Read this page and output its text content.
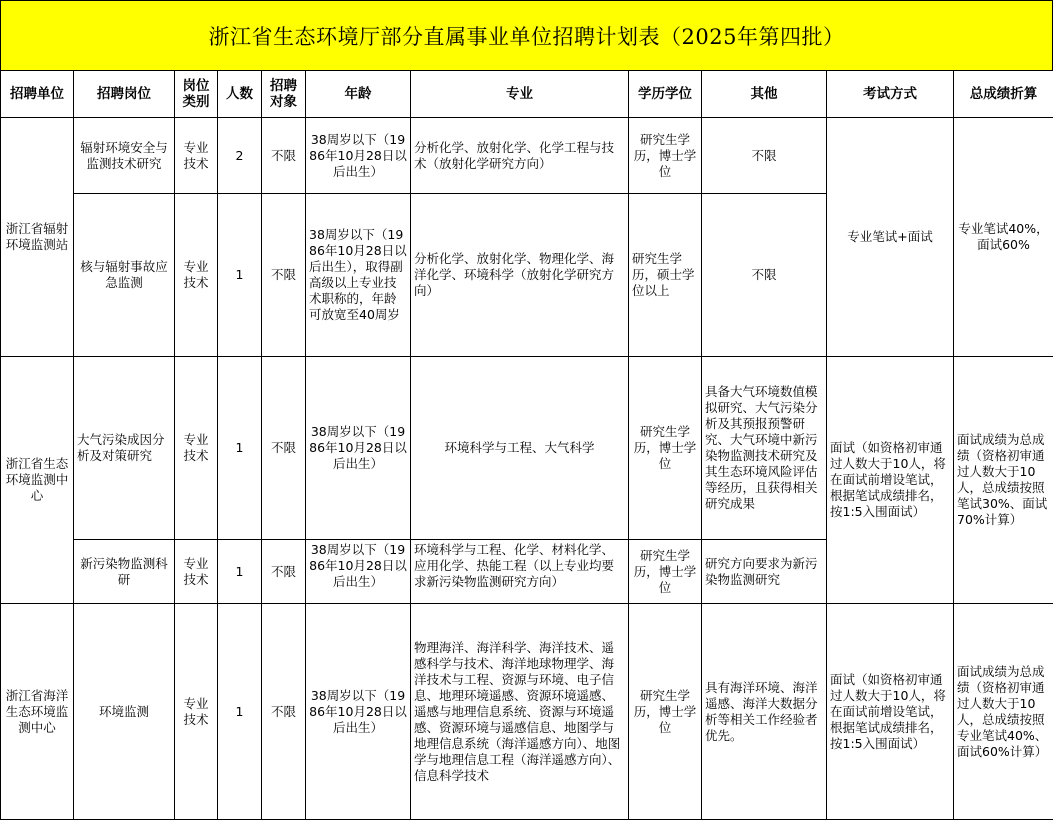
浙江省生态环境厅部分直属事业单位招聘计划表（2025年第四批）
招聘单位	招聘岗位	岗位类别	人数	招聘对象	年龄	专业	学历学位	其他	考试方式	总成绩折算
浙江省辐射环境监测站	辐射环境安全与监测技术研究	专业技术	2	不限	38周岁以下（1986年10月28日以后出生）	分析化学、放射化学、化学工程与技术（放射化学研究方向）	研究生学历，博士学位	不限	专业笔试+面试	专业笔试40%，面试60%
	核与辐射事故应急监测	专业技术	1	不限	38周岁以下（1986年10月28日以后出生），取得副高级以上专业技术职称的，年龄可放宽至40周岁	分析化学、放射化学、物理化学、海洋化学、环境科学（放射化学研究方向）	研究生学历，硕士学位以上	不限		
浙江省生态环境监测中心	大气污染成因分析及对策研究	专业技术	1	不限	38周岁以下（1986年10月28日以后出生）	环境科学与工程、大气科学	研究生学历，博士学位	具备大气环境数值模拟研究、大气污染分析及其预报预警研究、大气环境中新污染物监测技术研究及其生态环境风险评估等经历，且获得相关研究成果	面试（如资格初审通过人数大于10人，将在面试前增设笔试，根据笔试成绩排名，按1:5入围面试）	面试成绩为总成绩（资格初审通过人数大于10人，总成绩按照笔试30%、面试70%计算）
	新污染物监测科研	专业技术	1	不限	38周岁以下（1986年10月28日以后出生）	环境科学与工程、化学、材料化学、应用化学、热能工程（以上专业均要求新污染物监测研究方向）	研究生学历，博士学位	研究方向要求为新污染物监测研究		
浙江省海洋生态环境监测中心	环境监测	专业技术	1	不限	38周岁以下（1986年10月28日以后出生）	物理海洋、海洋科学、海洋技术、遥感科学与技术、海洋地球物理学、海洋技术与工程、资源与环境、电子信息、地理环境遥感、资源环境遥感、遥感与地理信息系统、资源与环境遥感、资源环境与遥感信息、地图学与地理信息系统（海洋遥感方向）、地图学与地理信息工程（海洋遥感方向）、信息科学技术	研究生学历，博士学位	具有海洋环境、海洋遥感、海洋大数据分析等相关工作经验者优先。	面试（如资格初审通过人数大于10人，将在面试前增设笔试，根据笔试成绩排名，按1:5入围面试）	面试成绩为总成绩（资格初审通过人数大于10人，总成绩按照专业笔试40%、面试60%计算）
